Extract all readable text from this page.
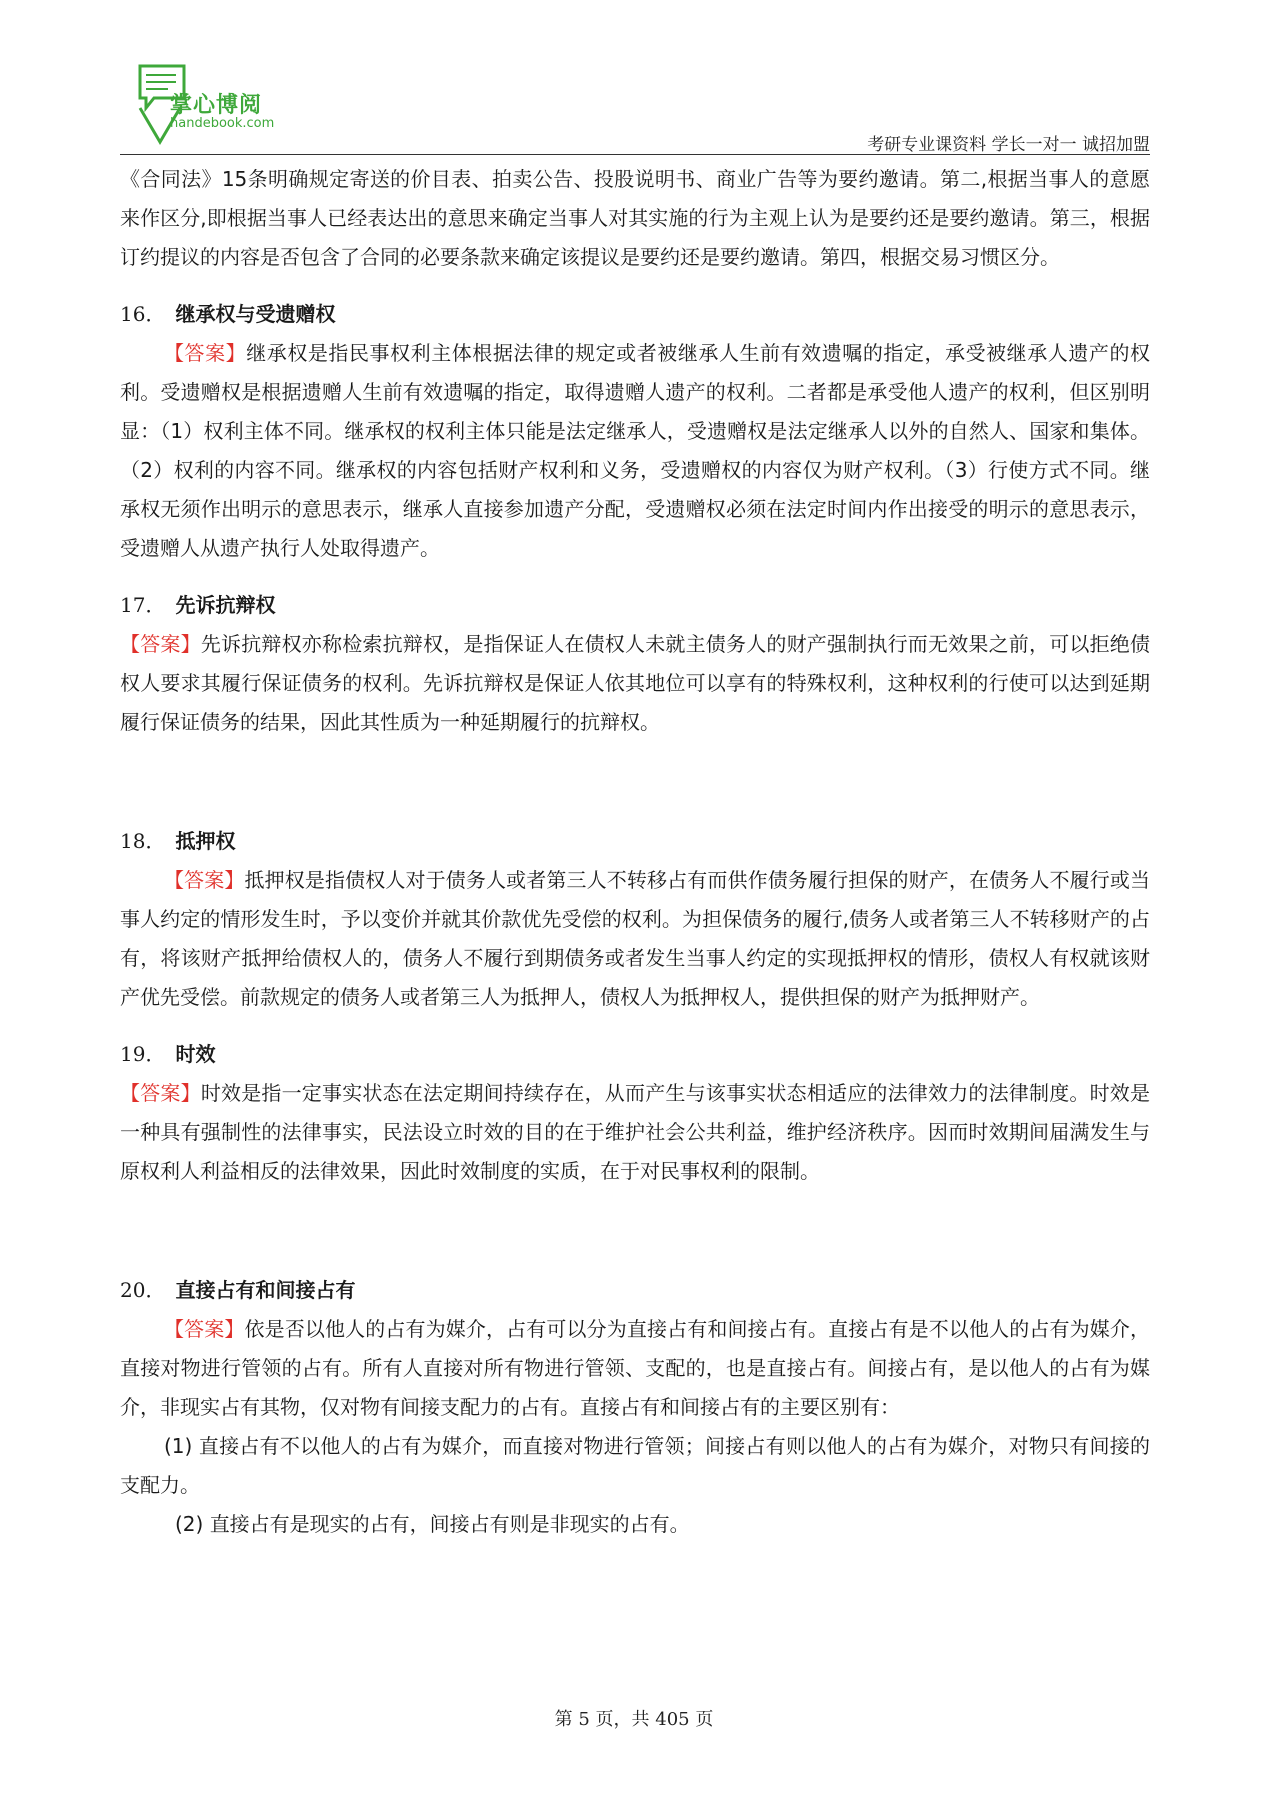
掌心博阅
handebook.com
考研专业课资料 学长一对一 诚招加盟

《合同法》15条明确规定寄送的价目表、拍卖公告、投股说明书、商业广告等为要约邀请。第二,根据当事人的意愿来作区分,即根据当事人已经表达出的意思来确定当事人对其实施的行为主观上认为是要约还是要约邀请。第三，根据订约提议的内容是否包含了合同的必要条款来确定该提议是要约还是要约邀请。第四，根据交易习惯区分。

16． 继承权与受遗赠权

【答案】继承权是指民事权利主体根据法律的规定或者被继承人生前有效遗嘱的指定，承受被继承人遗产的权利。受遗赠权是根据遗赠人生前有效遗嘱的指定，取得遗赠人遗产的权利。二者都是承受他人遗产的权利，但区别明显：（1）权利主体不同。继承权的权利主体只能是法定继承人，受遗赠权是法定继承人以外的自然人、国家和集体。（2）权利的内容不同。继承权的内容包括财产权利和义务，受遗赠权的内容仅为财产权利。（3）行使方式不同。继承权无须作出明示的意思表示，继承人直接参加遗产分配，受遗赠权必须在法定时间内作出接受的明示的意思表示，受遗赠人从遗产执行人处取得遗产。

17． 先诉抗辩权

【答案】先诉抗辩权亦称检索抗辩权，是指保证人在债权人未就主债务人的财产强制执行而无效果之前，可以拒绝债权人要求其履行保证债务的权利。先诉抗辩权是保证人依其地位可以享有的特殊权利，这种权利的行使可以达到延期履行保证债务的结果，因此其性质为一种延期履行的抗辩权。

18． 抵押权

【答案】抵押权是指债权人对于债务人或者第三人不转移占有而供作债务履行担保的财产，在债务人不履行或当事人约定的情形发生时，予以变价并就其价款优先受偿的权利。为担保债务的履行,债务人或者第三人不转移财产的占有，将该财产抵押给债权人的，债务人不履行到期债务或者发生当事人约定的实现抵押权的情形，债权人有权就该财产优先受偿。前款规定的债务人或者第三人为抵押人，债权人为抵押权人，提供担保的财产为抵押财产。

19． 时效

【答案】时效是指一定事实状态在法定期间持续存在，从而产生与该事实状态相适应的法律效力的法律制度。时效是一种具有强制性的法律事实，民法设立时效的目的在于维护社会公共利益，维护经济秩序。因而时效期间届满发生与原权利人利益相反的法律效果，因此时效制度的实质，在于对民事权利的限制。

20． 直接占有和间接占有

【答案】依是否以他人的占有为媒介，占有可以分为直接占有和间接占有。直接占有是不以他人的占有为媒介，直接对物进行管领的占有。所有人直接对所有物进行管领、支配的，也是直接占有。间接占有，是以他人的占有为媒介，非现实占有其物，仅对物有间接支配力的占有。直接占有和间接占有的主要区别有：

(1) 直接占有不以他人的占有为媒介，而直接对物进行管领；间接占有则以他人的占有为媒介，对物只有间接的支配力。

(2) 直接占有是现实的占有，间接占有则是非现实的占有。

第 5 页，共 405 页
